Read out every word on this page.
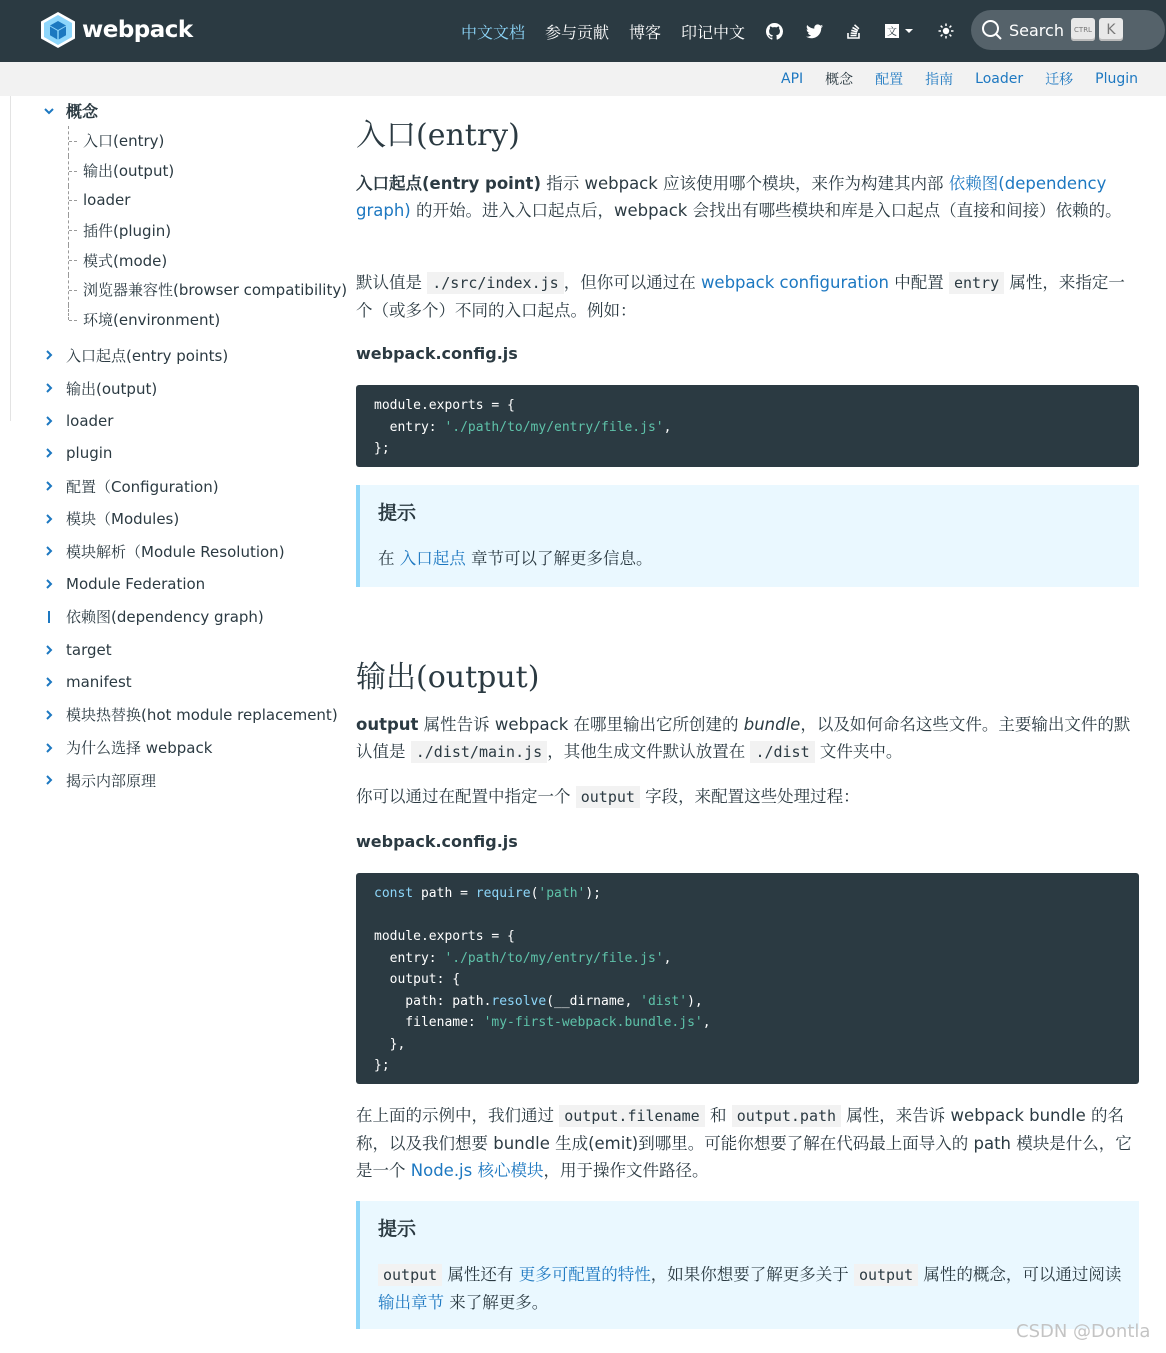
webpack	中文文档 参与贡献 博客 印记中文	文	Search	CTRL	K
API 概念 配置 指南 Loader 迁移 Plugin
概念
入口(entry)
输出(output)
loader
插件(plugin)
模式(mode)
浏览器兼容性(browser compatibility)
环境(environment)
入口起点(entry points)
输出(output)
loader
plugin
配置（Configuration)
模块（Modules)
模块解析（Module Resolution)
Module Federation
依赖图(dependency graph)
target
manifest
模块热替换(hot module replacement)
为什么选择 webpack
揭示内部原理
入口(entry)

入口起点(entry point) 指示 webpack 应该使用哪个模块，来作为构建其内部 依赖图(dependency graph) 的开始。进入入口起点后，webpack 会找出有哪些模块和库是入口起点（直接和间接）依赖的。

默认值是 ./src/index.js ，但你可以通过在 webpack configuration 中配置 entry 属性，来指定一个（或多个）不同的入口起点。例如：

webpack.config.js
module.exports = {
entry: './path/to/my/entry/file.js',
};
提示
在 入口起点 章节可以了解更多信息。
输出(output)

output 属性告诉 webpack 在哪里输出它所创建的 bundle，以及如何命名这些文件。主要输出文件的默认值是 ./dist/main.js ，其他生成文件默认放置在 ./dist 文件夹中。

你可以通过在配置中指定一个 output 字段，来配置这些处理过程：

webpack.config.js
const path = require('path');

module.exports = {
entry: './path/to/my/entry/file.js',
output: {
path: path.resolve(__dirname, 'dist'),
filename: 'my-first-webpack.bundle.js',
},
};

在上面的示例中，我们通过 output.filename 和 output.path 属性，来告诉 webpack bundle 的名称，以及我们想要 bundle 生成(emit)到哪里。可能你想要了解在代码最上面导入的 path 模块是什么，它是一个 Node.js 核心模块，用于操作文件路径。

提示
output 属性还有 更多可配置的特性，如果你想要了解更多关于 output 属性的概念，可以通过阅读 输出章节 来了解更多。
CSDN @Dontla
